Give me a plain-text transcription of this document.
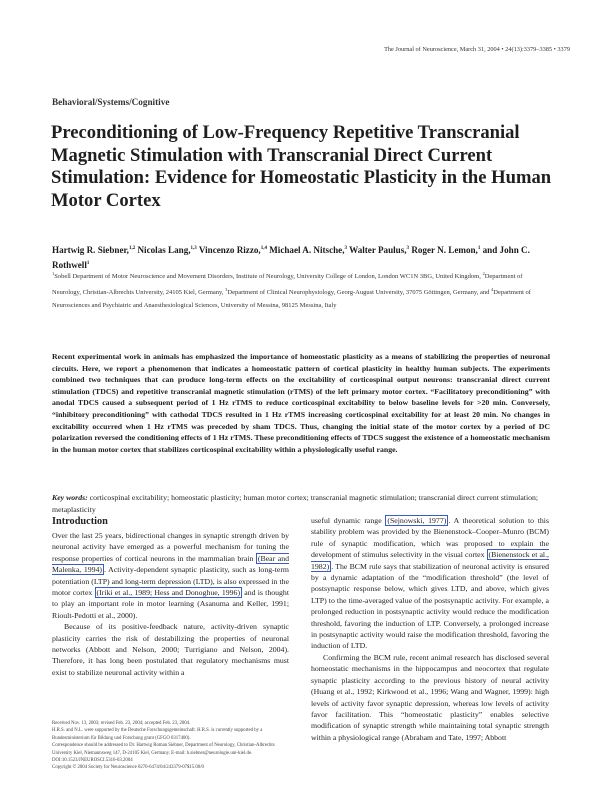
The Journal of Neuroscience, March 31, 2004 • 24(13):3379–3385 • 3379
Behavioral/Systems/Cognitive
Preconditioning of Low-Frequency Repetitive Transcranial Magnetic Stimulation with Transcranial Direct Current Stimulation: Evidence for Homeostatic Plasticity in the Human Motor Cortex
Hartwig R. Siebner,$^{1,2}$ Nicolas Lang,$^{1,3}$ Vincenzo Rizzo,$^{1,4}$ Michael A. Nitsche,$^3$ Walter Paulus,$^3$ Roger N. Lemon,$^1$ and John C. Rothwell$^1$
$^1$Sobell Department of Motor Neuroscience and Movement Disorders, Institute of Neurology, University College of London, London WC1N 3BG, United Kingdom, $^2$Department of Neurology, Christian-Albrechts University, 24105 Kiel, Germany, $^3$Department of Clinical Neurophysiology, Georg-August University, 37075 Göttingen, Germany, and $^4$Department of Neurosciences and Psychiatric and Anaesthesiological Sciences, University of Messina, 98125 Messina, Italy
Recent experimental work in animals has emphasized the importance of homeostatic plasticity as a means of stabilizing the properties of neuronal circuits. Here, we report a phenomenon that indicates a homeostatic pattern of cortical plasticity in healthy human subjects. The experiments combined two techniques that can produce long-term effects on the excitability of corticospinal output neurons: transcranial direct current stimulation (TDCS) and repetitive transcranial magnetic stimulation (rTMS) of the left primary motor cortex. “Facilitatory preconditioning” with anodal TDCS caused a subsequent period of 1 Hz rTMS to reduce corticospinal excitability to below baseline levels for >20 min. Conversely, “inhibitory preconditioning” with cathodal TDCS resulted in 1 Hz rTMS increasing corticospinal excitability for at least 20 min. No changes in excitability occurred when 1 Hz rTMS was preceded by sham TDCS. Thus, changing the initial state of the motor cortex by a period of DC polarization reversed the conditioning effects of 1 Hz rTMS. These preconditioning effects of TDCS suggest the existence of a homeostatic mechanism in the human motor cortex that stabilizes corticospinal excitability within a physiologically useful range.
Key words: corticospinal excitability; homeostatic plasticity; human motor cortex; transcranial magnetic stimulation; transcranial direct current stimulation; metaplasticity
Introduction

Over the last 25 years, bidirectional changes in synaptic strength driven by neuronal activity have emerged as a powerful mechanism for tuning the response properties of cortical neurons in the mammalian brain (Bear and Malenka, 1994) . Activity-dependent synaptic plasticity, such as long-term potentiation (LTP) and long-term depression (LTD), is also expressed in the motor cortex (Iriki et al., 1989; Hess and Donoghue, 1996) and is thought to play an important role in motor learning (Asanuma and Keller, 1991; Rioult-Pedotti et al., 2000).

Because of its positive-feedback nature, activity-driven synaptic plasticity carries the risk of destabilizing the properties of neuronal networks (Abbott and Nelson, 2000; Turrigiano and Nelson, 2004). Therefore, it has long been postulated that regulatory mechanisms must exist to stabilize neuronal activity within a

useful dynamic range (Sejnowski, 1977) . A theoretical solution to this stability problem was provided by the Bienenstock–Cooper–Munro (BCM) rule of synaptic modification, which was proposed to explain the development of stimulus selectivity in the visual cortex (Bienenstock et al., 1982) . The BCM rule says that stabilization of neuronal activity is ensured by a dynamic adaptation of the “modification threshold” (the level of postsynaptic response below, which gives LTD, and above, which gives LTP) to the time-averaged value of the postsynaptic activity. For example, a prolonged reduction in postsynaptic activity would reduce the modification threshold, favoring the induction of LTP. Conversely, a prolonged increase in postsynaptic activity would raise the modification threshold, favoring the induction of LTD.

Confirming the BCM rule, recent animal research has disclosed several homeostatic mechanisms in the hippocampus and neocortex that regulate synaptic plasticity according to the previous history of neural activity (Huang et al., 1992; Kirkwood et al., 1996; Wang and Wagner, 1999): high levels of activity favor synaptic depression, whereas low levels of activity favor facilitation. This “homeostatic plasticity” enables selective modification of synaptic strength while maintaining total synaptic strength within a physiological range (Abraham and Tate, 1997; Abbott

Received Nov. 13, 2003; revised Feb. 23, 2004; accepted Feb. 23, 2004.
H.R.S. and N.L. were supported by the Deutsche Forschungsgemeinschaft. H.R.S. is currently supported by a Bundesministerium für Bildung und Forschung grant (GFGO 0317400).
Correspondence should be addressed to Dr. Hartwig Roman Siebner, Department of Neurology, Christian-Albrechts University Kiel, Niemannsweg 147, D-24105 Kiel, Germany. E-mail: h.siebner@neurologie.uni-kiel.de.
DOI:10.1523/JNEUROSCI.5316-03.2004
Copyright © 2004 Society for Neuroscience 0270-6474/04/243379-07$15.00/0
